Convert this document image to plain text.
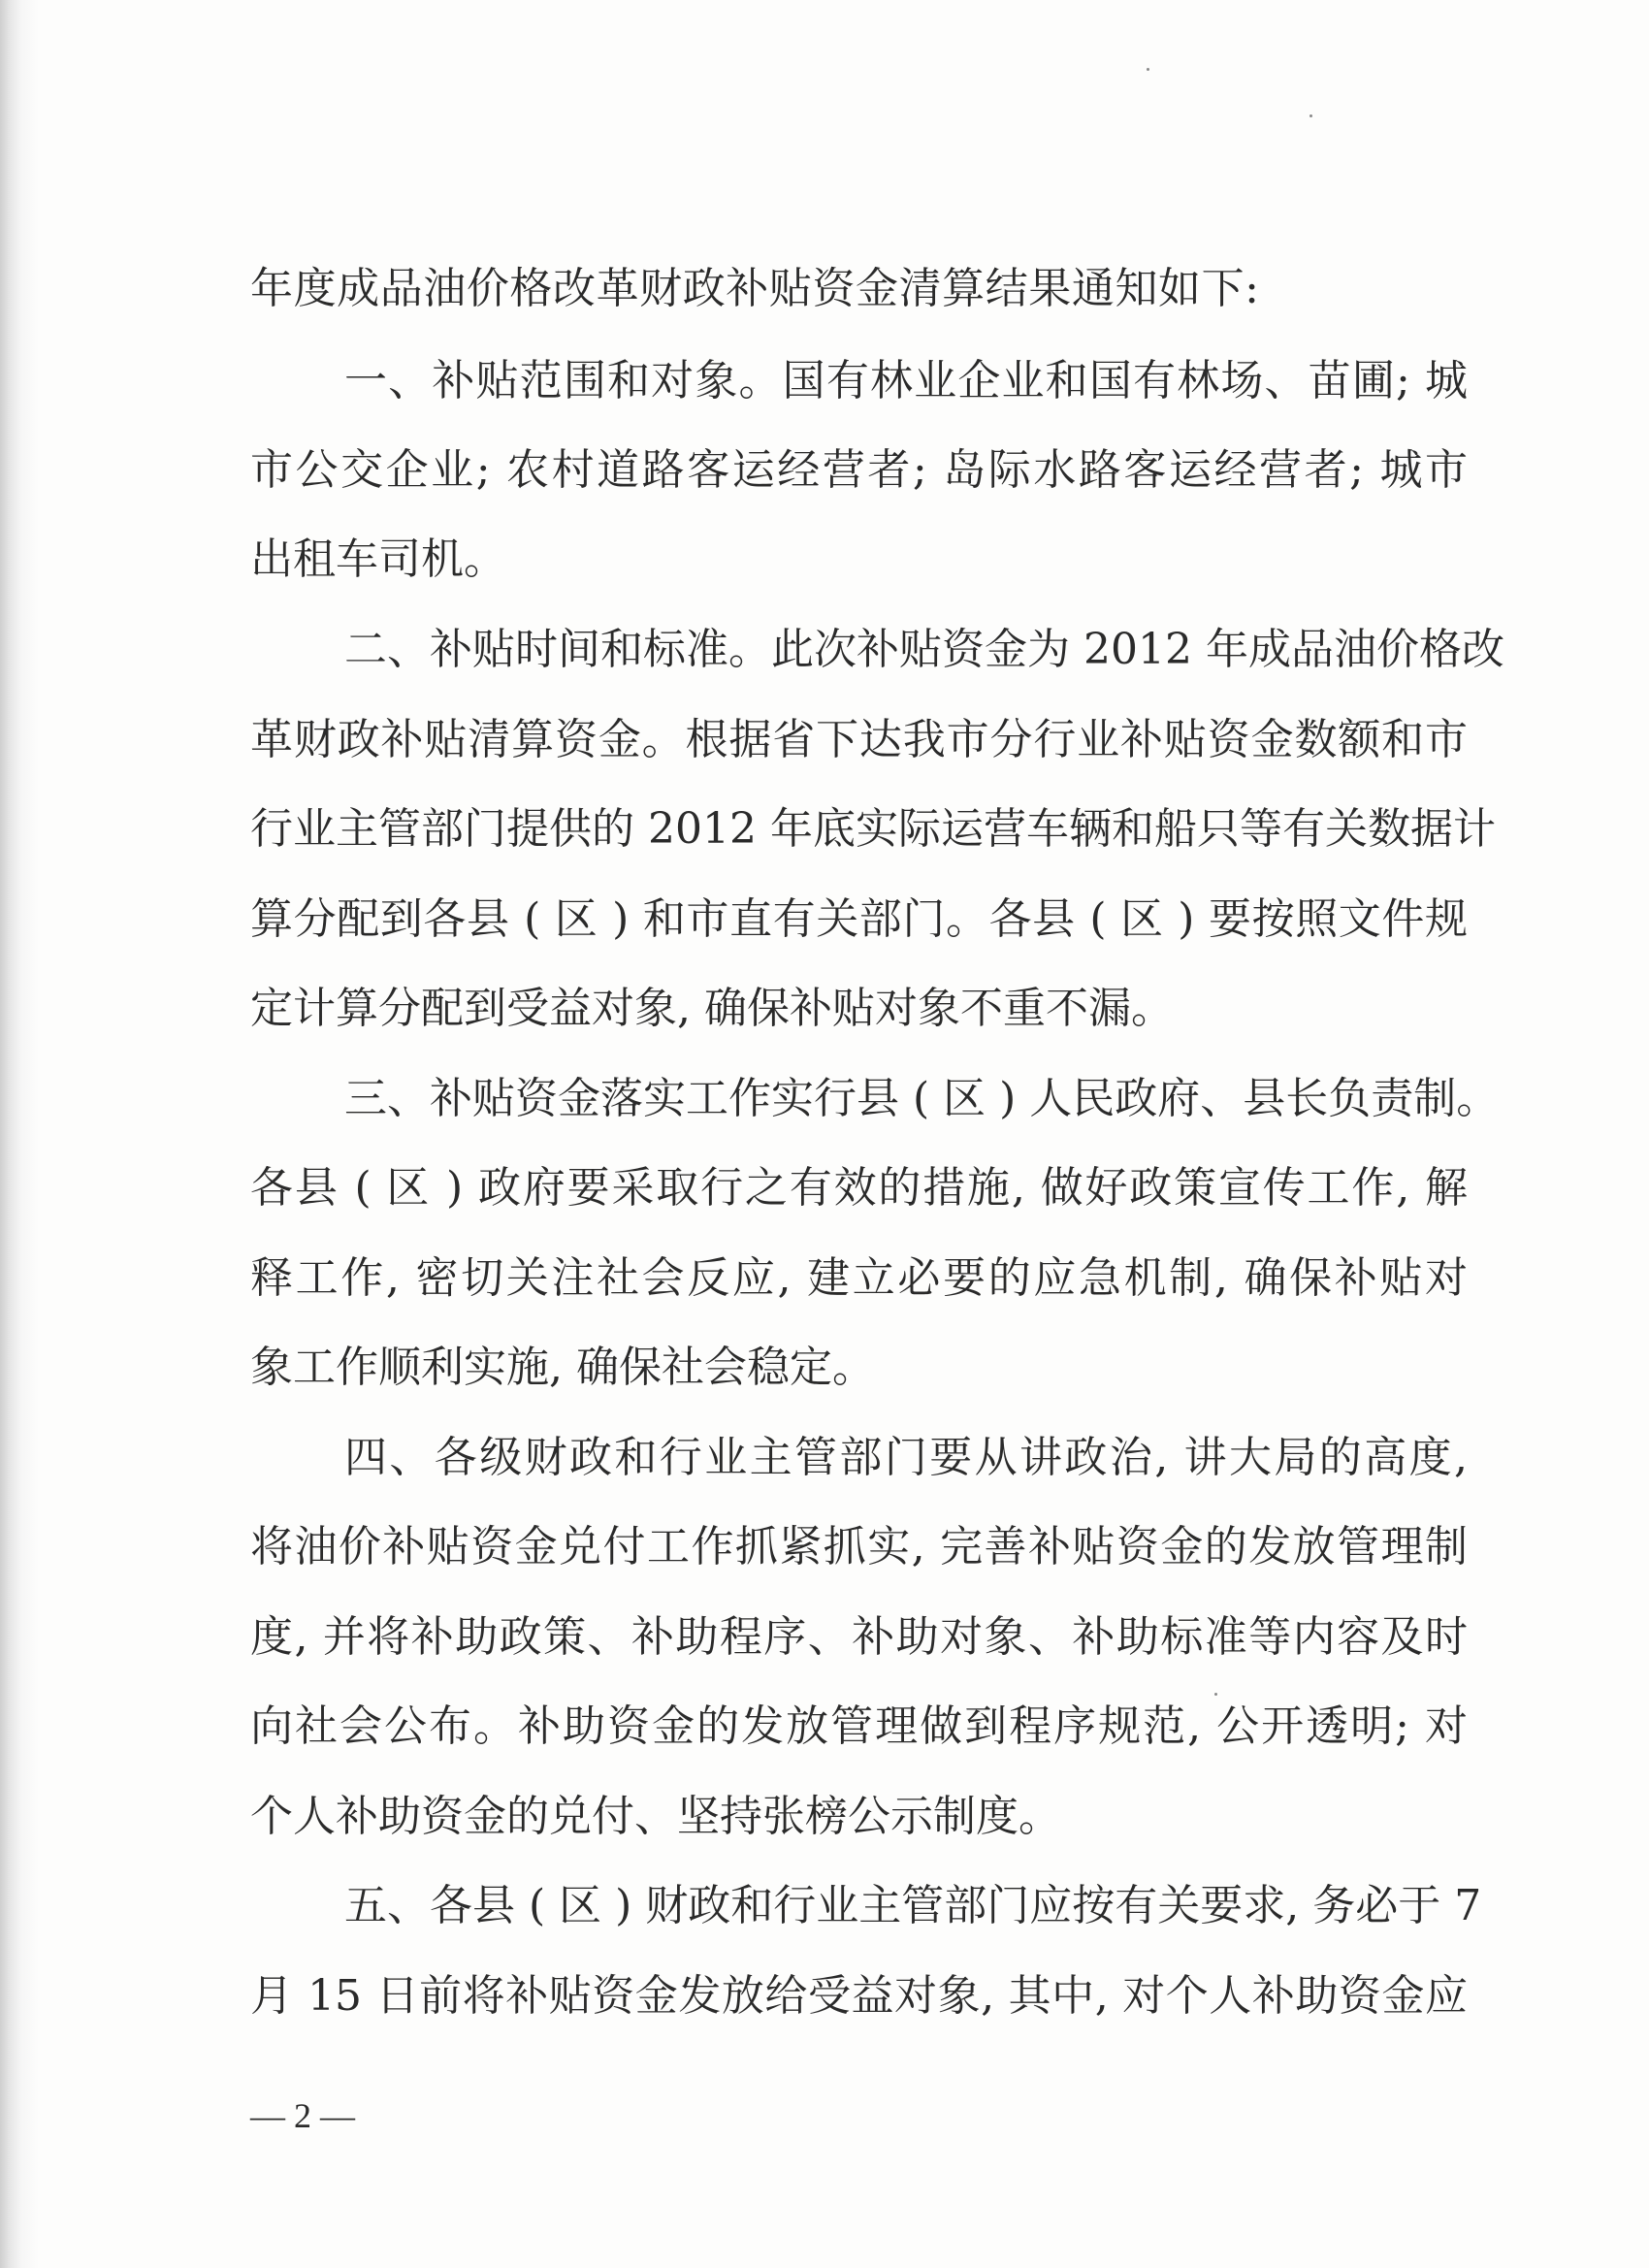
年度成品油价格改革财政补贴资金清算结果通知如下:
一、补贴范围和对象。国有林业企业和国有林场、苗圃; 城
市公交企业; 农村道路客运经营者; 岛际水路客运经营者; 城市
出租车司机。
二、补贴时间和标准。此次补贴资金为 2012 年成品油价格改
革财政补贴清算资金。根据省下达我市分行业补贴资金数额和市
行业主管部门提供的 2012 年底实际运营车辆和船只等有关数据计
算分配到各县 ( 区 ) 和市直有关部门。各县 ( 区 ) 要按照文件规
定计算分配到受益对象, 确保补贴对象不重不漏。
三、补贴资金落实工作实行县 ( 区 ) 人民政府、县长负责制。
各县 ( 区 ) 政府要采取行之有效的措施, 做好政策宣传工作, 解
释工作, 密切关注社会反应, 建立必要的应急机制, 确保补贴对
象工作顺利实施, 确保社会稳定。
四、各级财政和行业主管部门要从讲政治, 讲大局的高度,
将油价补贴资金兑付工作抓紧抓实, 完善补贴资金的发放管理制
度, 并将补助政策、补助程序、补助对象、补助标准等内容及时
向社会公布。补助资金的发放管理做到程序规范, 公开透明; 对
个人补助资金的兑付、坚持张榜公示制度。
五、各县 ( 区 ) 财政和行业主管部门应按有关要求, 务必于 7
月 15 日前将补贴资金发放给受益对象, 其中, 对个人补助资金应
— 2 —
